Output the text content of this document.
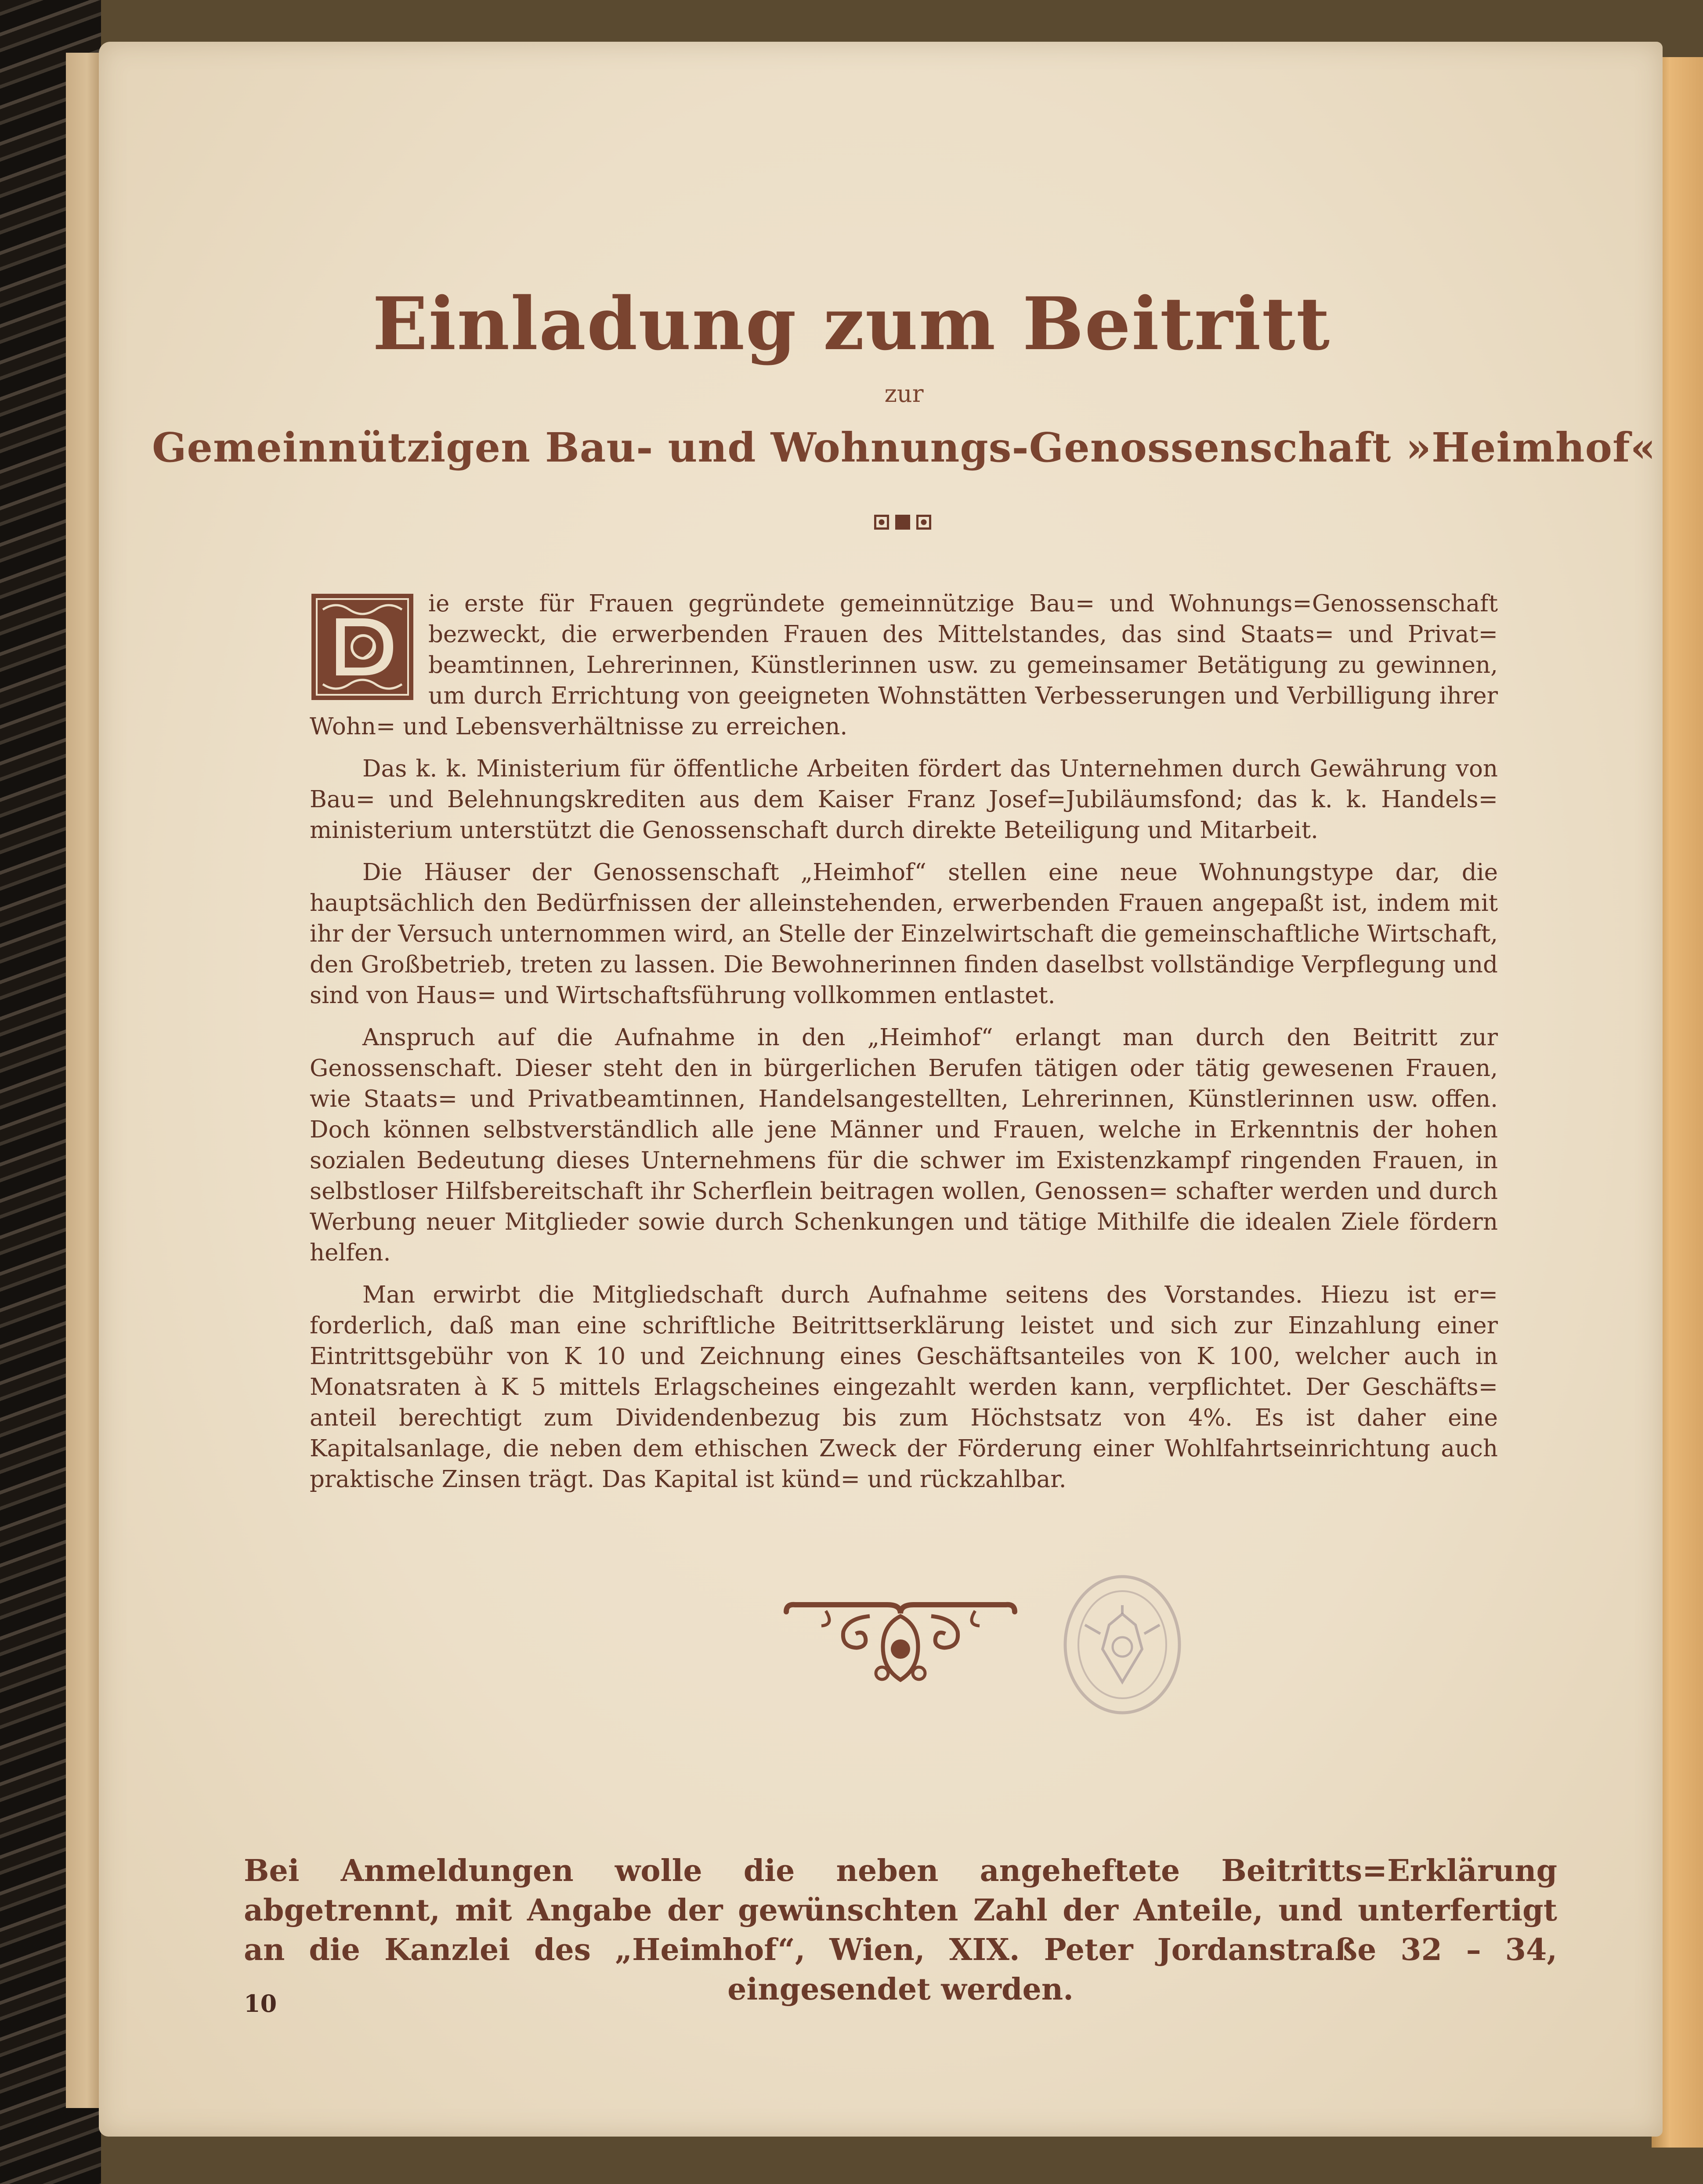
Einladung zum Beitritt
zur
Gemeinnützigen Bau- und Wohnungs-Genossenschaft »Heimhof«
D

ie erste für Frauen gegründete gemeinnützige Bau= und Wohnungs=Genossenschaft bezweckt, die erwerbenden Frauen des Mittelstandes, das sind Staats= und Privat= beamtinnen, Lehrerinnen, Künstlerinnen usw. zu gemeinsamer Betätigung zu gewinnen, um durch Errichtung von geeigneten Wohnstätten Verbesserungen und Verbilligung ihrer Wohn= und Lebensverhältnisse zu erreichen.

Das k. k. Ministerium für öffentliche Arbeiten fördert das Unternehmen durch Gewährung von Bau= und Belehnungskrediten aus dem Kaiser Franz Josef=Jubiläumsfond; das k. k. Handels= ministerium unterstützt die Genossenschaft durch direkte Beteiligung und Mitarbeit.

Die Häuser der Genossenschaft „Heimhof“ stellen eine neue Wohnungstype dar, die hauptsächlich den Bedürfnissen der alleinstehenden, erwerbenden Frauen angepaßt ist, indem mit ihr der Versuch unternommen wird, an Stelle der Einzelwirtschaft die gemeinschaftliche Wirtschaft, den Großbetrieb, treten zu lassen. Die Bewohnerinnen finden daselbst vollständige Verpflegung und sind von Haus= und Wirtschaftsführung vollkommen entlastet.

Anspruch auf die Aufnahme in den „Heimhof“ erlangt man durch den Beitritt zur Genossenschaft. Dieser steht den in bürgerlichen Berufen tätigen oder tätig gewesenen Frauen, wie Staats= und Privatbeamtinnen, Handelsangestellten, Lehrerinnen, Künstlerinnen usw. offen. Doch können selbstverständlich alle jene Männer und Frauen, welche in Erkenntnis der hohen sozialen Bedeutung dieses Unternehmens für die schwer im Existenzkampf ringenden Frauen, in selbstloser Hilfsbereitschaft ihr Scherflein beitragen wollen, Genossen= schafter werden und durch Werbung neuer Mitglieder sowie durch Schenkungen und tätige Mithilfe die idealen Ziele fördern helfen.

Man erwirbt die Mitgliedschaft durch Aufnahme seitens des Vorstandes. Hiezu ist er= forderlich, daß man eine schriftliche Beitrittserklärung leistet und sich zur Einzahlung einer Eintrittsgebühr von K 10 und Zeichnung eines Geschäftsanteiles von K 100, welcher auch in Monatsraten à K 5 mittels Erlagscheines eingezahlt werden kann, verpflichtet. Der Geschäfts= anteil berechtigt zum Dividendenbezug bis zum Höchstsatz von 4%. Es ist daher eine Kapitalsanlage, die neben dem ethischen Zweck der Förderung einer Wohlfahrtseinrichtung auch praktische Zinsen trägt. Das Kapital ist künd= und rückzahlbar.

Bei Anmeldungen wolle die neben angeheftete Beitritts=Erklärung abgetrennt, mit Angabe der gewünschten Zahl der Anteile, und unterfertigt an die Kanzlei des „Heimhof“, Wien, XIX. Peter Jordanstraße 32 – 34, eingesendet werden.
10
